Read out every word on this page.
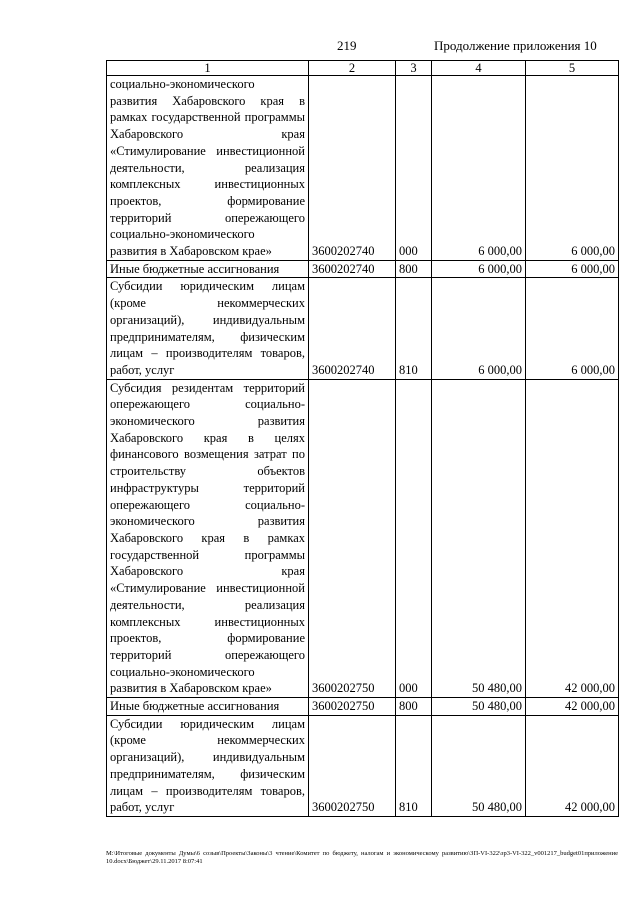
219	Продолжение приложения 10
1	2	3	4	5
социально-экономического развития Хабаровского края в рамках государственной программы Хабаровского края «Стимулирование инвестиционной деятельности, реализация комплексных инвестиционных проектов, формирование территорий опережающего социально-экономического развития в Хабаровском крае»	3600202740	000	6 000,00	6 000,00
Иные бюджетные ассигнования	3600202740	800	6 000,00	6 000,00
Субсидии юридическим лицам (кроме некоммерческих организаций), индивидуальным предпринимателям, физическим лицам – производителям товаров, работ, услуг	3600202740	810	6 000,00	6 000,00
Субсидия резидентам территорий опережающего социально-экономического развития Хабаровского края в целях финансового возмещения затрат по строительству объектов инфраструктуры территорий опережающего социально-экономического развития Хабаровского края в рамках государственной программы Хабаровского края «Стимулирование инвестиционной деятельности, реализация комплексных инвестиционных проектов, формирование территорий опережающего социально-экономического развития в Хабаровском крае»	3600202750	000	50 480,00	42 000,00
Иные бюджетные ассигнования	3600202750	800	50 480,00	42 000,00
Субсидии юридическим лицам (кроме некоммерческих организаций), индивидуальным предпринимателям, физическим лицам – производителям товаров, работ, услуг	3600202750	810	50 480,00	42 000,00
М:\Итоговые документы Думы\6 созыв\Проекты\Законы\3 чтение\Комитет по бюджету, налогам и экономическому развитию\ЗП-VI-322\зр3-VI-322_v001217_budget01приложение 10.docx\Бюджет\29.11.2017 8:07:41
